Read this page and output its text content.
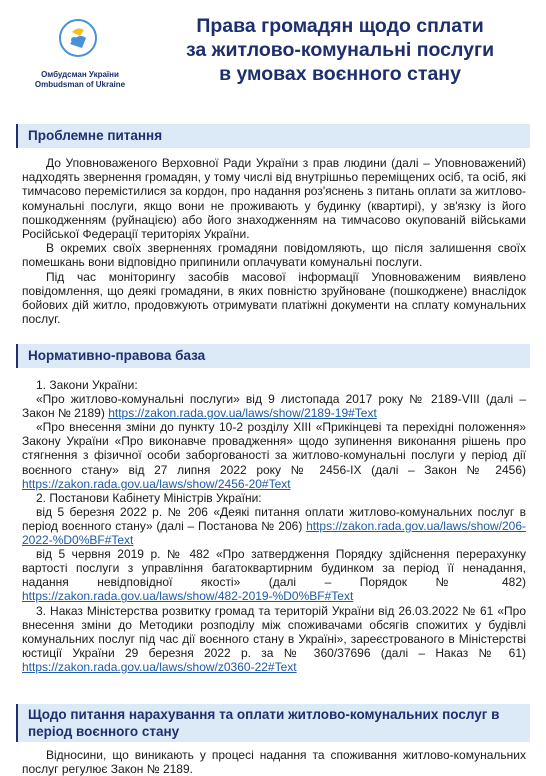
Омбудсман України
Ombudsman of Ukraine
Права громадян щодо сплати
за житлово-комунальні послуги
в умовах воєнного стану
Проблемне питання

До Уповноваженого Верховної Ради України з прав людини (далі – Уповноважений) надходять звернення громадян, у тому числі від внутрішньо переміщених осіб, та осіб, які тимчасово перемістилися за кордон, про надання роз'яснень з питань оплати за житлово-комунальні послуги, якщо вони не проживають у будинку (квартирі), у зв'язку із його пошкодженням (руйнацією) або його знаходженням на тимчасово окупованій військами Російської Федерації територіях України.

В окремих своїх зверненнях громадяни повідомляють, що після залишення своїх помешкань вони відповідно припинили оплачувати комунальні послуги.

Під час моніторингу засобів масової інформації Уповноваженим виявлено повідомлення, що деякі громадяни, в яких повністю зруйноване (пошкоджене) внаслідок бойових дій житло, продовжують отримувати платіжні документи на сплату комунальних послуг.

Нормативно-правова база

1. Закони України:

«Про житлово-комунальні послуги» від 9 листопада 2017 року № 2189-VIII (далі – Закон № 2189) https://zakon.rada.gov.ua/laws/show/2189-19#Text

«Про внесення зміни до пункту 10-2 розділу XIII «Прикінцеві та перехідні положення» Закону України «Про виконавче провадження» щодо зупинення виконання рішень про стягнення з фізичної особи заборгованості за житлово-комунальні послуги у період дії воєнного стану» від 27 липня 2022 року № 2456-IX (далі – Закон № 2456) https://zakon.rada.gov.ua/laws/show/2456-20#Text

2. Постанови Кабінету Міністрів України:

від 5 березня 2022 р. № 206 «Деякі питання оплати житлово-комунальних послуг в період воєнного стану» (далі – Постанова № 206) https://zakon.rada.gov.ua/laws/show/206-2022-%D0%BF#Text

від 5 червня 2019 р. № 482 «Про затвердження Порядку здійснення перерахунку вартості послуги з управління багатоквартирним будинком за період її ненадання, надання невідповідної якості» (далі – Порядок № 482) https://zakon.rada.gov.ua/laws/show/482-2019-%D0%BF#Text

3. Наказ Міністерства розвитку громад та територій України від 26.03.2022 № 61 «Про внесення зміни до Методики розподілу між споживачами обсягів спожитих у будівлі комунальних послуг під час дії воєнного стану в Україні», зареєстрованого в Міністерстві юстиції України 29 березня 2022 р. за № 360/37696 (далі – Наказ № 61) https://zakon.rada.gov.ua/laws/show/z0360-22#Text

Щодо питання нарахування та оплати житлово-комунальних послуг в період воєнного стану

Відносини, що виникають у процесі надання та споживання житлово-комунальних послуг регулює Закон № 2189.
